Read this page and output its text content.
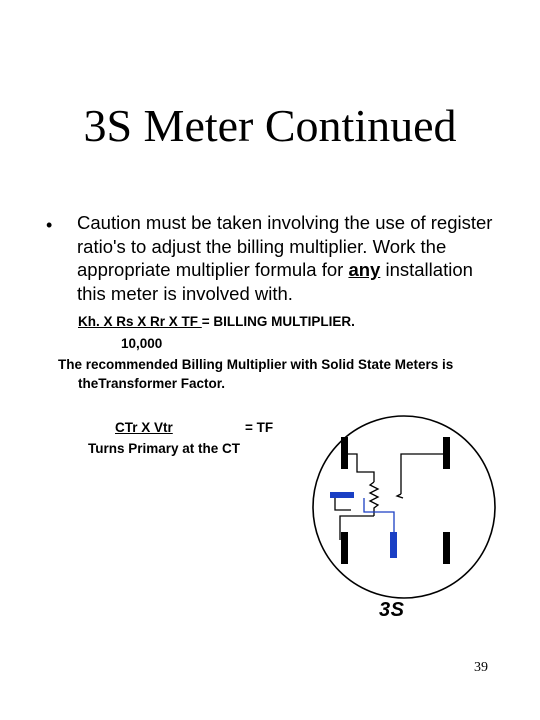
3S Meter Continued
• Caution must be taken involving the use of register ratio's to adjust the billing multiplier. Work the appropriate multiplier formula for any installation this meter is involved with.
Kh. X Rs X Rr X TF = BILLING MULTIPLIER.
10,000
The recommended Billing Multiplier with Solid State Meters is
theTransformer Factor.
CTr X Vtr	= TF
Turns Primary at the CT
3S
39
